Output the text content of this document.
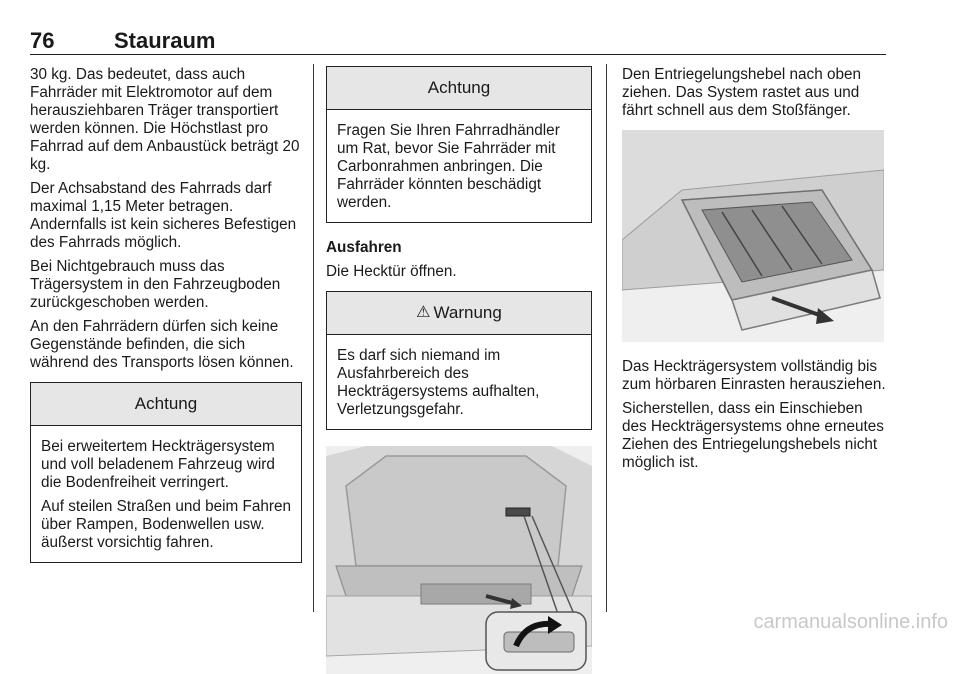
76	Stauraum

30 kg. Das bedeutet, dass auch Fahrräder mit Elektromotor auf dem herausziehbaren Träger transportiert werden können. Die Höchstlast pro Fahrrad auf dem Anbaustück beträgt 20 kg.

Der Achsabstand des Fahrrads darf maximal 1,15 Meter betragen. Andernfalls ist kein sicheres Befestigen des Fahrrads möglich.

Bei Nichtgebrauch muss das Trägersystem in den Fahrzeugboden zurückgeschoben werden.

An den Fahrrädern dürfen sich keine Gegenstände befinden, die sich während des Transports lösen können.

Achtung

Bei erweitertem Heckträgersystem und voll beladenem Fahrzeug wird die Bodenfreiheit verringert.

Auf steilen Straßen und beim Fahren über Rampen, Bodenwellen usw. äußerst vorsichtig fahren.

Achtung

Fragen Sie Ihren Fahrradhändler um Rat, bevor Sie Fahrräder mit Carbonrahmen anbringen. Die Fahrräder könnten beschädigt werden.

Ausfahren

Die Hecktür öffnen.

⚠ Warnung

Es darf sich niemand im Ausfahrbereich des Heckträgersystems aufhalten, Verletzungsgefahr.

Den Entriegelungshebel nach oben ziehen. Das System rastet aus und fährt schnell aus dem Stoßfänger.

Das Heckträgersystem vollständig bis zum hörbaren Einrasten herausziehen.

Sicherstellen, dass ein Einschieben des Heckträgersystems ohne erneutes Ziehen des Entriegelungshebels nicht möglich ist.

carmanualsonline.info
